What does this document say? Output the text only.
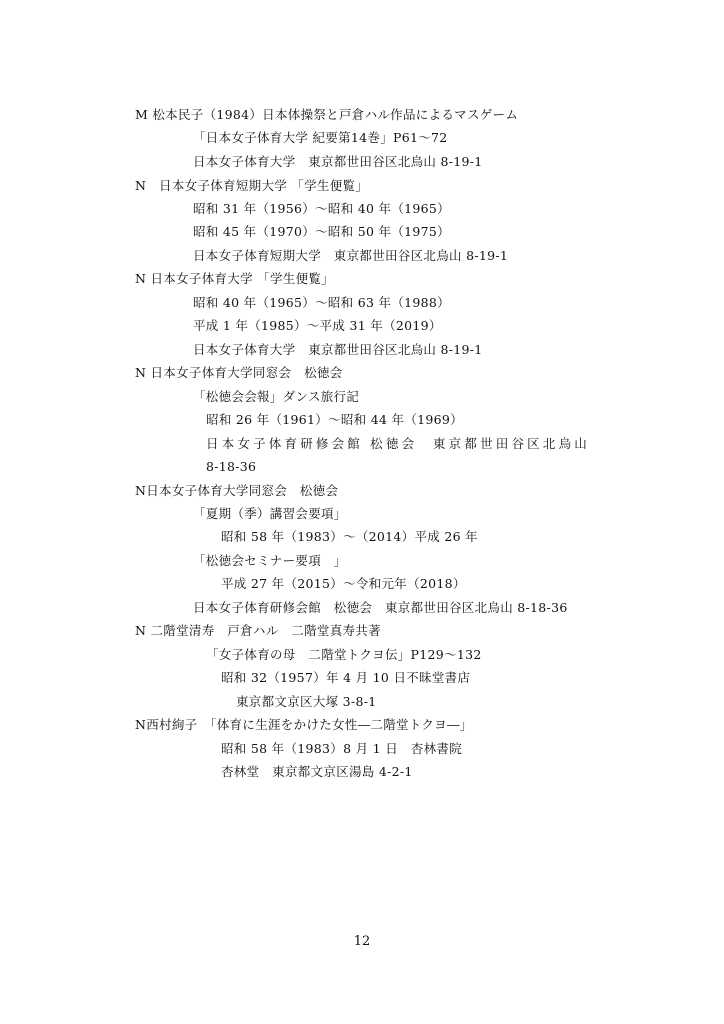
M 松本民子（1984）日本体操祭と戸倉ハル作品によるマスゲーム
「日本女子体育大学 紀要第14巻」P61～72
日本女子体育大学　東京都世田谷区北烏山 8-19-1
N　日本女子体育短期大学 「学生便覧」
昭和 31 年（1956）～昭和 40 年（1965）
昭和 45 年（1970）～昭和 50 年（1975）
日本女子体育短期大学　東京都世田谷区北烏山 8-19-1
N 日本女子体育大学 「学生便覧」
昭和 40 年（1965）～昭和 63 年（1988）
平成 1 年（1985）～平成 31 年（2019）
日本女子体育大学　東京都世田谷区北烏山 8-19-1
N 日本女子体育大学同窓会　松徳会
「松徳会会報」ダンス旅行記
昭和 26 年（1961）～昭和 44 年（1969）
日本女子体育研修会館 松徳会　東京都世田谷区北烏山
8-18-36
N日本女子体育大学同窓会　松徳会
「夏期（季）講習会要項」
昭和 58 年（1983）～（2014）平成 26 年
「松徳会セミナー要項　」
平成 27 年（2015）～令和元年（2018）
日本女子体育研修会館　松徳会　東京都世田谷区北烏山 8-18-36
N 二階堂清寿　戸倉ハル　二階堂真寿共著
「女子体育の母　二階堂トクヨ伝」P129～132
昭和 32（1957）年 4 月 10 日不昧堂書店
東京都文京区大塚 3-8-1
N西村絢子　「体育に生涯をかけた女性―二階堂トクヨ―」
昭和 58 年（1983）8 月 1 日　杏林書院
杏林堂　東京都文京区湯島 4-2-1
12
